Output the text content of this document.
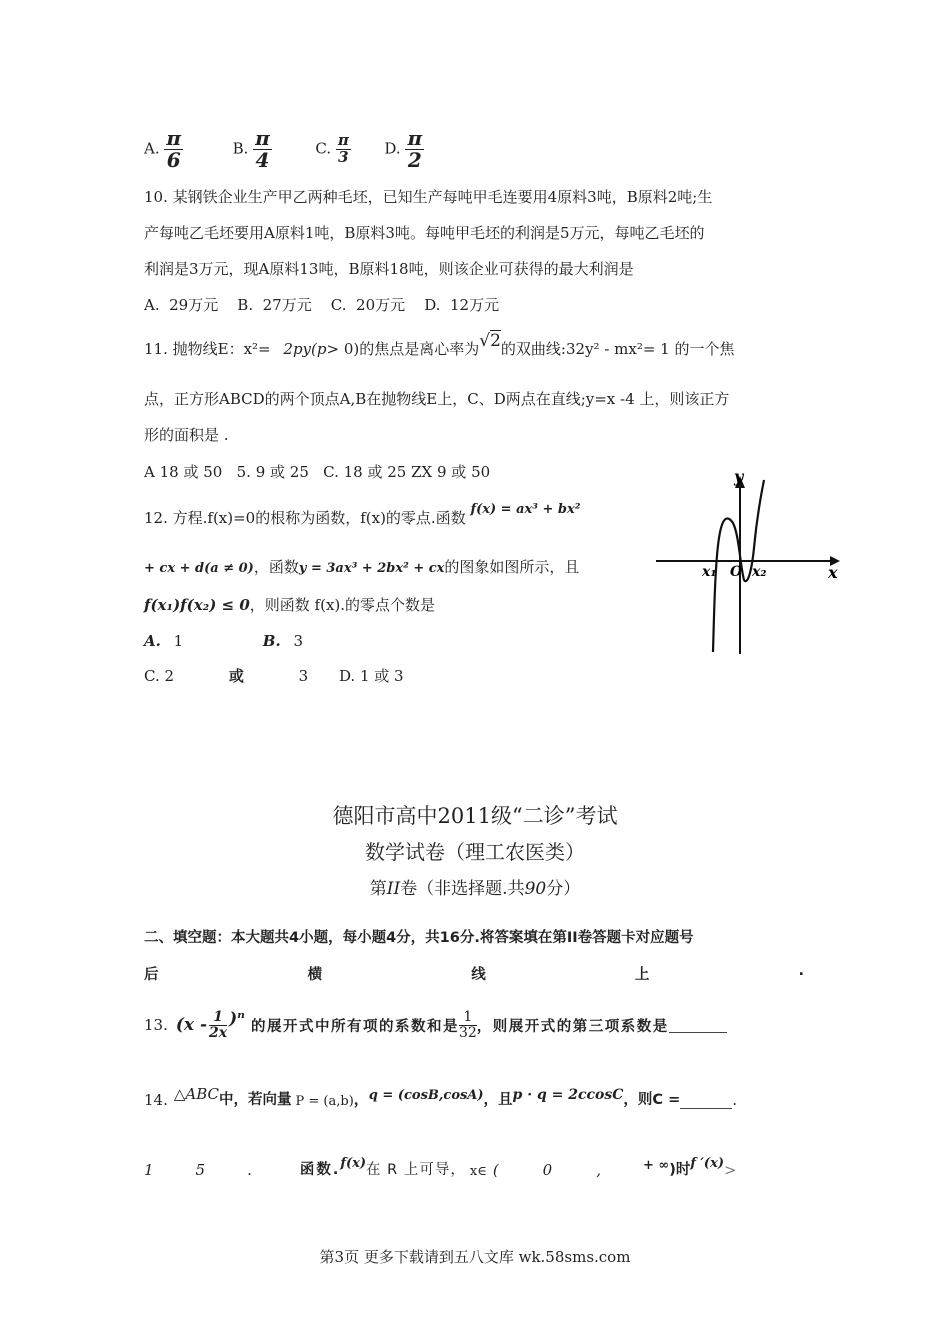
A. $\frac{\pi}{6}$	B. $\frac{\pi}{4}$	C. $\frac{\pi}{3} D$. $\frac{\pi}{2}$
10. 某钢铁企业生产甲乙两种毛坯，已知生产每吨甲毛连要用4原料3吨，B原料2吨;生
产每吨乙毛坯要用A原料1吨，B原料3吨。每吨甲毛坯的利润是5万元，每吨乙毛坯的
利润是3万元，现A原料13吨，B原料18吨，则该企业可获得的最大利润是
A.  29万元    B.  27万元    C.  20万元    D.  12万元
11. 抛物线E：x²= 2py(p> 0)的焦点是离心率为√2的双曲线:32y² - mx²= 1 的一个焦
点，正方形ABCD的两个顶点A,B在抛物线E上，C、D两点在直线;y=x -4 上，则该正方
形的面积是 .
A 18 或 50   5. 9 或 25   C. 18 或 25 ZX 9 或 50
12. 方程.f(x)=0的根称为函数，f(x)的零点.函数 f(x) = ax³ + bx²
+ cx + d(a ≠ 0)，函数y = 3ax³ + 2bx² + cx的图象如图所示，且
f(x₁)f(x₂) ≤ 0，则函数 f(x).的零点个数是
A. 1	B. 3
C. 2	或	3 D. 1 或 3
y
x
O
x₁	x₂
德阳市高中2011级“二诊”考试
数学试卷（理工农医类）
第II卷（非选择题.共90分）
二、填空题：本大题共4小题，每小题4分，共16分.将答案填在第II卷答题卡对应题号
后	横	线	上	.
13. $(x - \frac{1}{2x} )^n$ 的展开式中所有项的系数和是 $\frac{1}{32}$ ，则展开式的第三项系数是
14. △ABC 中，若向量 P = (a,b) ， q = (cosB,cosA) ，且 p · q = 2ccosC ，则C =	.
1	5	.	函数. f(x) 在 R 上可导， x∈ (	0	,	+ ∞ )时 f ′(x) >
第3页 更多下载请到五八文库 wk.58sms.com
